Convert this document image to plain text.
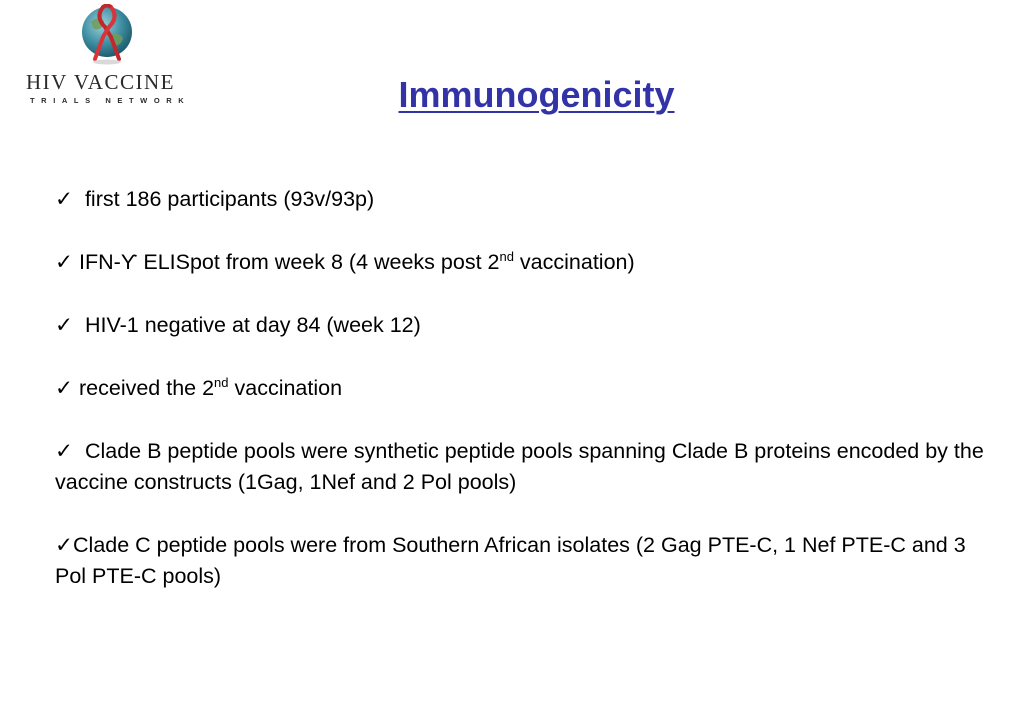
HIV VACCINE
TRIALS NETWORK	Immunogenicity
✓  first 186 participants (93v/93p)
✓ IFN-ϒ ELISpot from week 8 (4 weeks post 2nd vaccination)
✓  HIV-1 negative at day 84 (week 12)
✓ received the 2nd vaccination
✓  Clade B peptide pools were synthetic peptide pools spanning Clade B proteins encoded by the vaccine constructs (1Gag, 1Nef and 2 Pol pools)
✓Clade C peptide pools were from Southern African isolates (2 Gag PTE-C, 1 Nef PTE-C and 3 Pol PTE-C pools)
